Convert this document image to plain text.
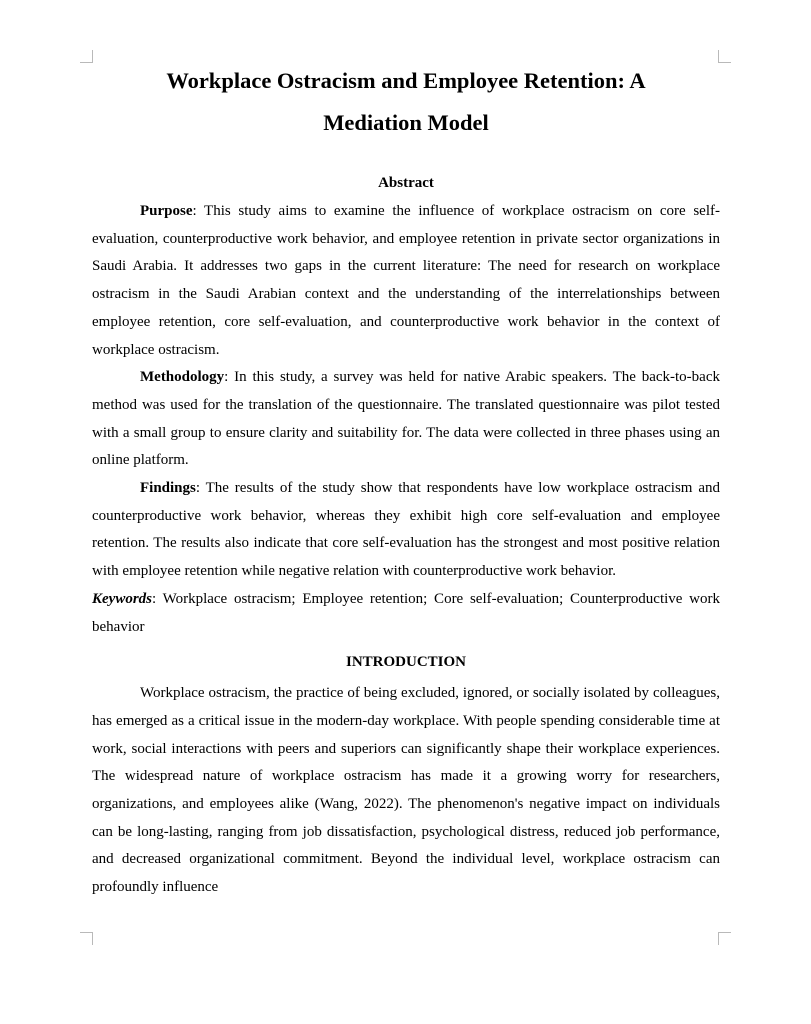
Workplace Ostracism and Employee Retention: A
Mediation Model
Abstract

Purpose: This study aims to examine the influence of workplace ostracism on core self-evaluation, counterproductive work behavior, and employee retention in private sector organizations in Saudi Arabia. It addresses two gaps in the current literature: The need for research on workplace ostracism in the Saudi Arabian context and the understanding of the interrelationships between employee retention, core self-evaluation, and counterproductive work behavior in the context of workplace ostracism.

Methodology: In this study, a survey was held for native Arabic speakers. The back-to-back method was used for the translation of the questionnaire. The translated questionnaire was pilot tested with a small group to ensure clarity and suitability for. The data were collected in three phases using an online platform.

Findings: The results of the study show that respondents have low workplace ostracism and counterproductive work behavior, whereas they exhibit high core self-evaluation and employee retention. The results also indicate that core self-evaluation has the strongest and most positive relation with employee retention while negative relation with counterproductive work behavior.

Keywords: Workplace ostracism; Employee retention; Core self-evaluation; Counterproductive work behavior

INTRODUCTION

Workplace ostracism, the practice of being excluded, ignored, or socially isolated by colleagues, has emerged as a critical issue in the modern-day workplace. With people spending considerable time at work, social interactions with peers and superiors can significantly shape their workplace experiences. The widespread nature of workplace ostracism has made it a growing worry for researchers, organizations, and employees alike (Wang, 2022). The phenomenon's negative impact on individuals can be long-lasting, ranging from job dissatisfaction, psychological distress, reduced job performance, and decreased organizational commitment. Beyond the individual level, workplace ostracism can profoundly influence
